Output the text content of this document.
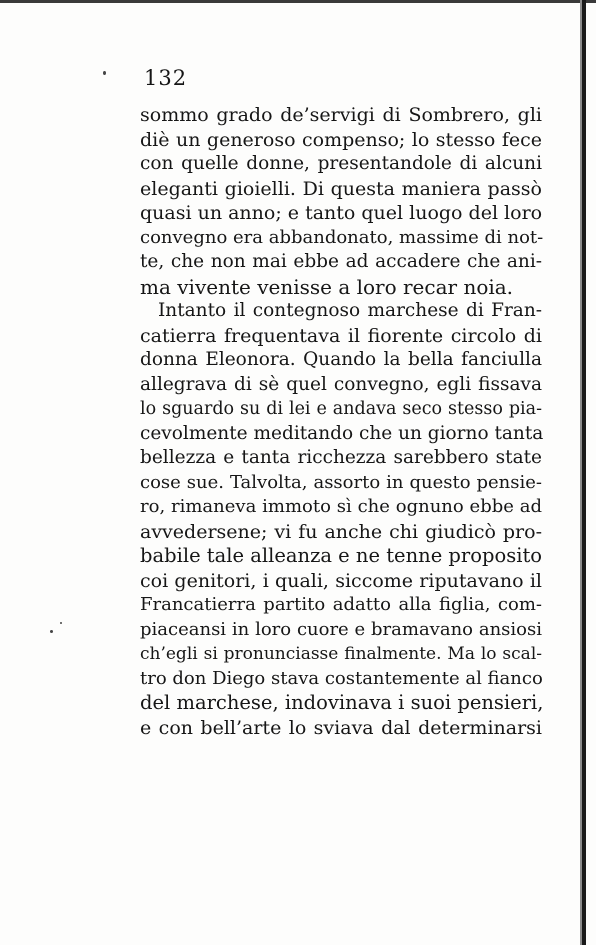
132
sommo grado de’servigi di Sombrero, gli
diè un generoso compenso; lo stesso fece
con quelle donne, presentandole di alcuni
eleganti gioielli. Di questa maniera passò
quasi un anno; e tanto quel luogo del loro
convegno era abbandonato, massime di not-
te, che non mai ebbe ad accadere che ani-
ma vivente venisse a loro recar noia.
Intanto il contegnoso marchese di Fran-
catierra frequentava il fiorente circolo di
donna Eleonora. Quando la bella fanciulla
allegrava di sè quel convegno, egli fissava
lo sguardo su di lei e andava seco stesso pia-
cevolmente meditando che un giorno tanta
bellezza e tanta ricchezza sarebbero state
cose sue. Talvolta, assorto in questo pensie-
ro, rimaneva immoto sì che ognuno ebbe ad
avvedersene; vi fu anche chi giudicò pro-
babile tale alleanza e ne tenne proposito
coi genitori, i quali, siccome riputavano il
Francatierra partito adatto alla figlia, com-
piaceansi in loro cuore e bramavano ansiosi
ch’egli si pronunciasse finalmente. Ma lo scal-
tro don Diego stava costantemente al fianco
del marchese, indovinava i suoi pensieri,
e con bell’arte lo sviava dal determinarsi
